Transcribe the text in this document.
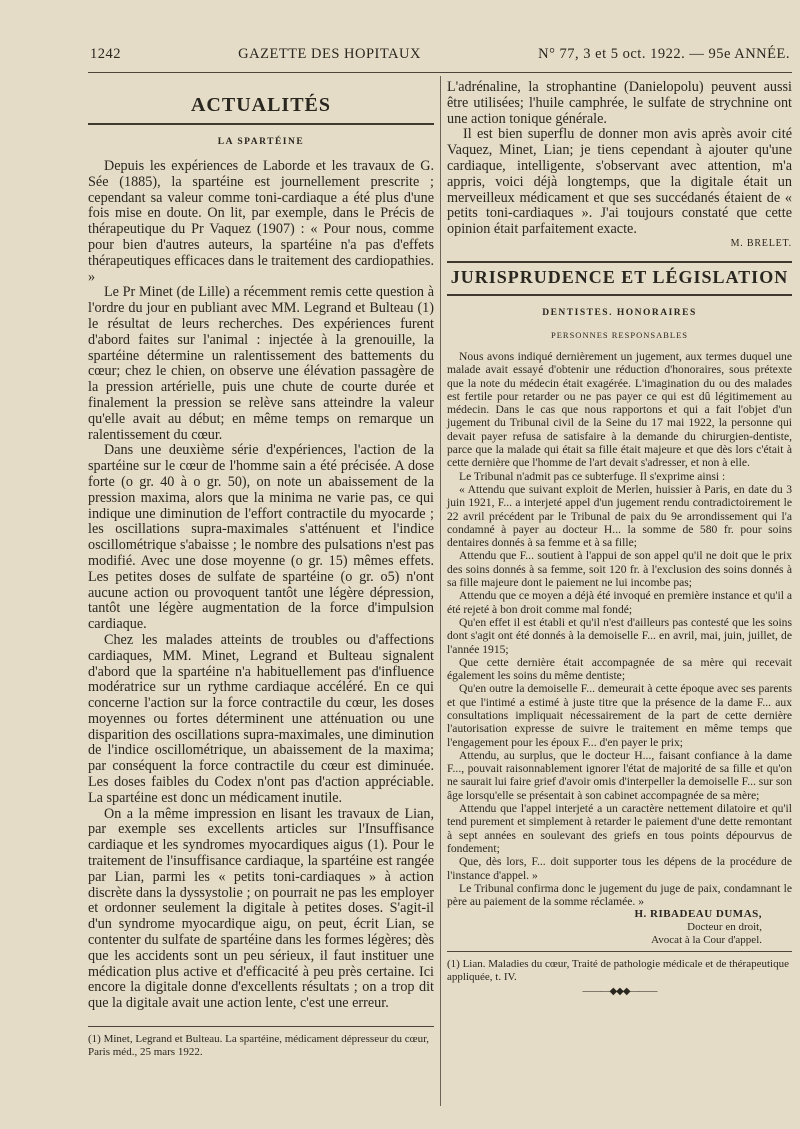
1242	GAZETTE DES HOPITAUX	N° 77, 3 et 5 oct. 1922. — 95e ANNÉE.
ACTUALITÉS
LA SPARTÉINE

Depuis les expériences de Laborde et les travaux de G. Sée (1885), la spartéine est journellement prescrite ; cependant sa valeur comme toni-cardiaque a été plus d'une fois mise en doute. On lit, par exemple, dans le Précis de thérapeutique du Pr Vaquez (1907) : « Pour nous, comme pour bien d'autres auteurs, la spartéine n'a pas d'effets thérapeutiques efficaces dans le traitement des cardiopathies. »

Le Pr Minet (de Lille) a récemment remis cette question à l'ordre du jour en publiant avec MM. Legrand et Bulteau (1) le résultat de leurs recherches. Des expériences furent d'abord faites sur l'animal : injectée à la grenouille, la spartéine détermine un ralentissement des battements du cœur; chez le chien, on observe une élévation passagère de la pression artérielle, puis une chute de courte durée et finalement la pression se relève sans atteindre la valeur qu'elle avait au début; en même temps on remarque un ralentissement du cœur.

Dans une deuxième série d'expériences, l'action de la spartéine sur le cœur de l'homme sain a été précisée. A dose forte (o gr. 40 à o gr. 50), on note un abaissement de la pression maxima, alors que la minima ne varie pas, ce qui indique une diminution de l'effort contractile du myocarde ; les oscillations supra-maximales s'atténuent et l'indice oscillométrique s'abaisse ; le nombre des pulsations n'est pas modifié. Avec une dose moyenne (o gr. 15) mêmes effets. Les petites doses de sulfate de spartéine (o gr. o5) n'ont aucune action ou provoquent tantôt une légère dépression, tantôt une légère augmentation de la force d'impulsion cardiaque.

Chez les malades atteints de troubles ou d'affections cardiaques, MM. Minet, Legrand et Bulteau signalent d'abord que la spartéine n'a habituellement pas d'influence modératrice sur un rythme cardiaque accéléré. En ce qui concerne l'action sur la force contractile du cœur, les doses moyennes ou fortes déterminent une atténuation ou une disparition des oscillations supra-maximales, une diminution de l'indice oscillométrique, un abaissement de la maxima; par conséquent la force contractile du cœur est diminuée. Les doses faibles du Codex n'ont pas d'action appréciable. La spartéine est donc un médicament inutile.

On a la même impression en lisant les travaux de Lian, par exemple ses excellents articles sur l'Insuffisance cardiaque et les syndromes myocardiques aigus (1). Pour le traitement de l'insuffisance cardiaque, la spartéine est rangée par Lian, parmi les « petits toni-cardiaques » à action discrète dans la dyssystolie ; on pourrait ne pas les employer et ordonner seulement la digitale à petites doses. S'agit-il d'un syndrome myocardique aigu, on peut, écrit Lian, se contenter du sulfate de spartéine dans les formes légères; dès que les accidents sont un peu sérieux, il faut instituer une médication plus active et d'efficacité à peu près certaine. Ici encore la digitale donne d'excellents résultats ; on a trop dit que la digitale avait une action lente, c'est une erreur.

(1) Minet, Legrand et Bulteau. La spartéine, médicament dépresseur du cœur, Paris méd., 25 mars 1922.

L'adrénaline, la strophantine (Danielopolu) peuvent aussi être utilisées; l'huile camphrée, le sulfate de strychnine ont une action tonique générale.

Il est bien superflu de donner mon avis après avoir cité Vaquez, Minet, Lian; je tiens cependant à ajouter qu'une cardiaque, intelligente, s'observant avec attention, m'a appris, voici déjà longtemps, que la digitale était un merveilleux médicament et que ses succédanés étaient de « petits toni-cardiaques ». J'ai toujours constaté que cette opinion était parfaitement exacte.

M. BRELET.
JURISPRUDENCE ET LÉGISLATION
DENTISTES. HONORAIRES
PERSONNES RESPONSABLES

Nous avons indiqué dernièrement un jugement, aux termes duquel une malade avait essayé d'obtenir une réduction d'honoraires, sous prétexte que la note du médecin était exagérée. L'imagination du ou des malades est fertile pour retarder ou ne pas payer ce qui est dû légitimement au médecin. Dans le cas que nous rapportons et qui a fait l'objet d'un jugement du Tribunal civil de la Seine du 17 mai 1922, la personne qui devait payer refusa de satisfaire à la demande du chirurgien-dentiste, parce que la malade qui était sa fille était majeure et que dès lors c'était à cette dernière que l'homme de l'art devait s'adresser, et non à elle.

Le Tribunal n'admit pas ce subterfuge. Il s'exprime ainsi :

« Attendu que suivant exploit de Merlen, huissier à Paris, en date du 3 juin 1921, F... a interjeté appel d'un jugement rendu contradictoirement le 22 avril précédent par le Tribunal de paix du 9e arrondissement qui l'a condamné à payer au docteur H... la somme de 580 fr. pour soins dentaires donnés à sa femme et à sa fille;

Attendu que F... soutient à l'appui de son appel qu'il ne doit que le prix des soins donnés à sa femme, soit 120 fr. à l'exclusion des soins donnés à sa fille majeure dont le paiement ne lui incombe pas;

Attendu que ce moyen a déjà été invoqué en première instance et qu'il a été rejeté à bon droit comme mal fondé;

Qu'en effet il est établi et qu'il n'est d'ailleurs pas contesté que les soins dont s'agit ont été donnés à la demoiselle F... en avril, mai, juin, juillet, de l'année 1915;

Que cette dernière était accompagnée de sa mère qui recevait également les soins du même dentiste;

Qu'en outre la demoiselle F... demeurait à cette époque avec ses parents et que l'intimé a estimé à juste titre que la présence de la dame F... aux consultations impliquait nécessairement de la part de cette dernière l'autorisation expresse de suivre le traitement en même temps que l'engagement pour les époux F... d'en payer le prix;

Attendu, au surplus, que le docteur H..., faisant confiance à la dame F..., pouvait raisonnablement ignorer l'état de majorité de sa fille et qu'on ne saurait lui faire grief d'avoir omis d'interpeller la demoiselle F... sur son âge lorsqu'elle se présentait à son cabinet accompagnée de sa mère;

Attendu que l'appel interjeté a un caractère nettement dilatoire et qu'il tend purement et simplement à retarder le paiement d'une dette remontant à sept années en soulevant des griefs en tous points dépourvus de fondement;

Que, dès lors, F... doit supporter tous les dépens de la procédure de l'instance d'appel. »

Le Tribunal confirma donc le jugement du juge de paix, condamnant le père au paiement de la somme réclamée. »

H. RIBADEAU DUMAS,
Docteur en droit,
Avocat à la Cour d'appel.
(1) Lian. Maladies du cœur, Traité de pathologie médicale et de thérapeutique appliquée, t. IV.
———◆◆◆———
